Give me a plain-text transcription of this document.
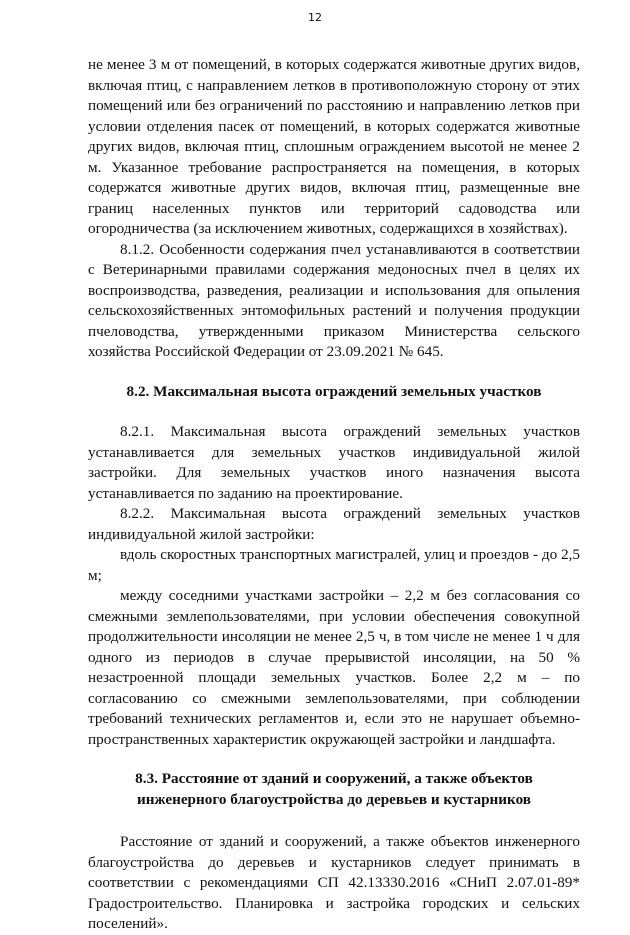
12

не менее 3 м от помещений, в которых содержатся животные других видов, включая птиц, с направлением летков в противоположную сторону от этих помещений или без ограничений по расстоянию и направлению летков при условии отделения пасек от помещений, в которых содержатся животные других видов, включая птиц, сплошным ограждением высотой не менее 2 м. Указанное требование распространяется на помещения, в которых содержатся животные других видов, включая птиц, размещенные вне границ населенных пунктов или территорий садоводства или огородничества (за исключением животных, содержащихся в хозяйствах).

8.1.2. Особенности содержания пчел устанавливаются в соответствии с Ветеринарными правилами содержания медоносных пчел в целях их воспроизводства, разведения, реализации и использования для опыления сельскохозяйственных энтомофильных растений и получения продукции пчеловодства, утвержденными приказом Министерства сельского хозяйства Российской Федерации от 23.09.2021 № 645.

8.2. Максимальная высота ограждений земельных участков

8.2.1. Максимальная высота ограждений земельных участков устанавливается для земельных участков индивидуальной жилой застройки. Для земельных участков иного назначения высота устанавливается по заданию на проектирование.

8.2.2. Максимальная высота ограждений земельных участков индивидуальной жилой застройки:

вдоль скоростных транспортных магистралей, улиц и проездов - до 2,5 м;

между соседними участками застройки – 2,2 м без согласования со смежными землепользователями, при условии обеспечения совокупной продолжительности инсоляции не менее 2,5 ч, в том числе не менее 1 ч для одного из периодов в случае прерывистой инсоляции, на 50 % незастроенной площади земельных участков. Более 2,2 м – по согласованию со смежными землепользователями, при соблюдении требований технических регламентов и, если это не нарушает объемно-пространственных характеристик окружающей застройки и ландшафта.

8.3. Расстояние от зданий и сооружений, а также объектов
инженерного благоустройства до деревьев и кустарников

Расстояние от зданий и сооружений, а также объектов инженерного благоустройства до деревьев и кустарников следует принимать в соответствии с рекомендациями СП 42.13330.2016 «СНиП 2.07.01-89* Градостроительство. Планировка и застройка городских и сельских поселений».
